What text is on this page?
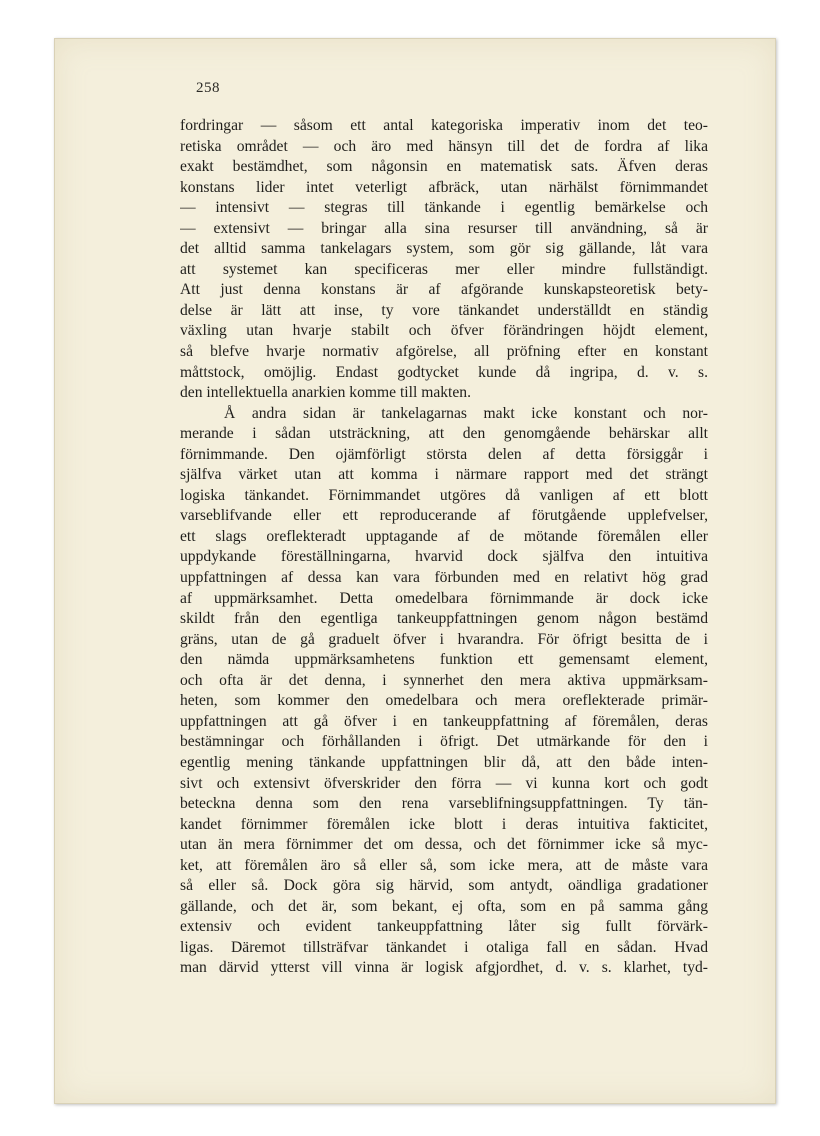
258
fordringar — såsom ett antal kategoriska imperativ inom det teo-
retiska området — och äro med hänsyn till det de fordra af lika
exakt bestämdhet, som någonsin en matematisk sats. Äfven deras
konstans lider intet veterligt afbräck, utan närhälst förnimmandet
— intensivt — stegras till tänkande i egentlig bemärkelse och
— extensivt — bringar alla sina resurser till användning, så är
det alltid samma tankelagars system, som gör sig gällande, låt vara
att systemet kan specificeras mer eller mindre fullständigt.
Att just denna konstans är af afgörande kunskapsteoretisk bety-
delse är lätt att inse, ty vore tänkandet underställdt en ständig
växling utan hvarje stabilt och öfver förändringen höjdt element,
så blefve hvarje normativ afgörelse, all pröfning efter en konstant
måttstock, omöjlig. Endast godtycket kunde då ingripa, d. v. s.
den intellektuella anarkien komme till makten.
Å andra sidan är tankelagarnas makt icke konstant och nor-
merande i sådan utsträckning, att den genomgående behärskar allt
förnimmande. Den ojämförligt största delen af detta försiggår i
själfva värket utan att komma i närmare rapport med det strängt
logiska tänkandet. Förnimmandet utgöres då vanligen af ett blott
varseblifvande eller ett reproducerande af förutgående upplefvelser,
ett slags oreflekteradt upptagande af de mötande föremålen eller
uppdykande föreställningarna, hvarvid dock själfva den intuitiva
uppfattningen af dessa kan vara förbunden med en relativt hög grad
af uppmärksamhet. Detta omedelbara förnimmande är dock icke
skildt från den egentliga tankeuppfattningen genom någon bestämd
gräns, utan de gå graduelt öfver i hvarandra. För öfrigt besitta de i
den nämda uppmärksamhetens funktion ett gemensamt element,
och ofta är det denna, i synnerhet den mera aktiva uppmärksam-
heten, som kommer den omedelbara och mera oreflekterade primär-
uppfattningen att gå öfver i en tankeuppfattning af föremålen, deras
bestämningar och förhållanden i öfrigt. Det utmärkande för den i
egentlig mening tänkande uppfattningen blir då, att den både inten-
sivt och extensivt öfverskrider den förra — vi kunna kort och godt
beteckna denna som den rena varseblifningsuppfattningen. Ty tän-
kandet förnimmer föremålen icke blott i deras intuitiva fakticitet,
utan än mera förnimmer det om dessa, och det förnimmer icke så myc-
ket, att föremålen äro så eller så, som icke mera, att de måste vara
så eller så. Dock göra sig härvid, som antydt, oändliga gradationer
gällande, och det är, som bekant, ej ofta, som en på samma gång
extensiv och evident tankeuppfattning låter sig fullt förvärk-
ligas. Däremot tillsträfvar tänkandet i otaliga fall en sådan. Hvad
man därvid ytterst vill vinna är logisk afgjordhet, d. v. s. klarhet, tyd-
